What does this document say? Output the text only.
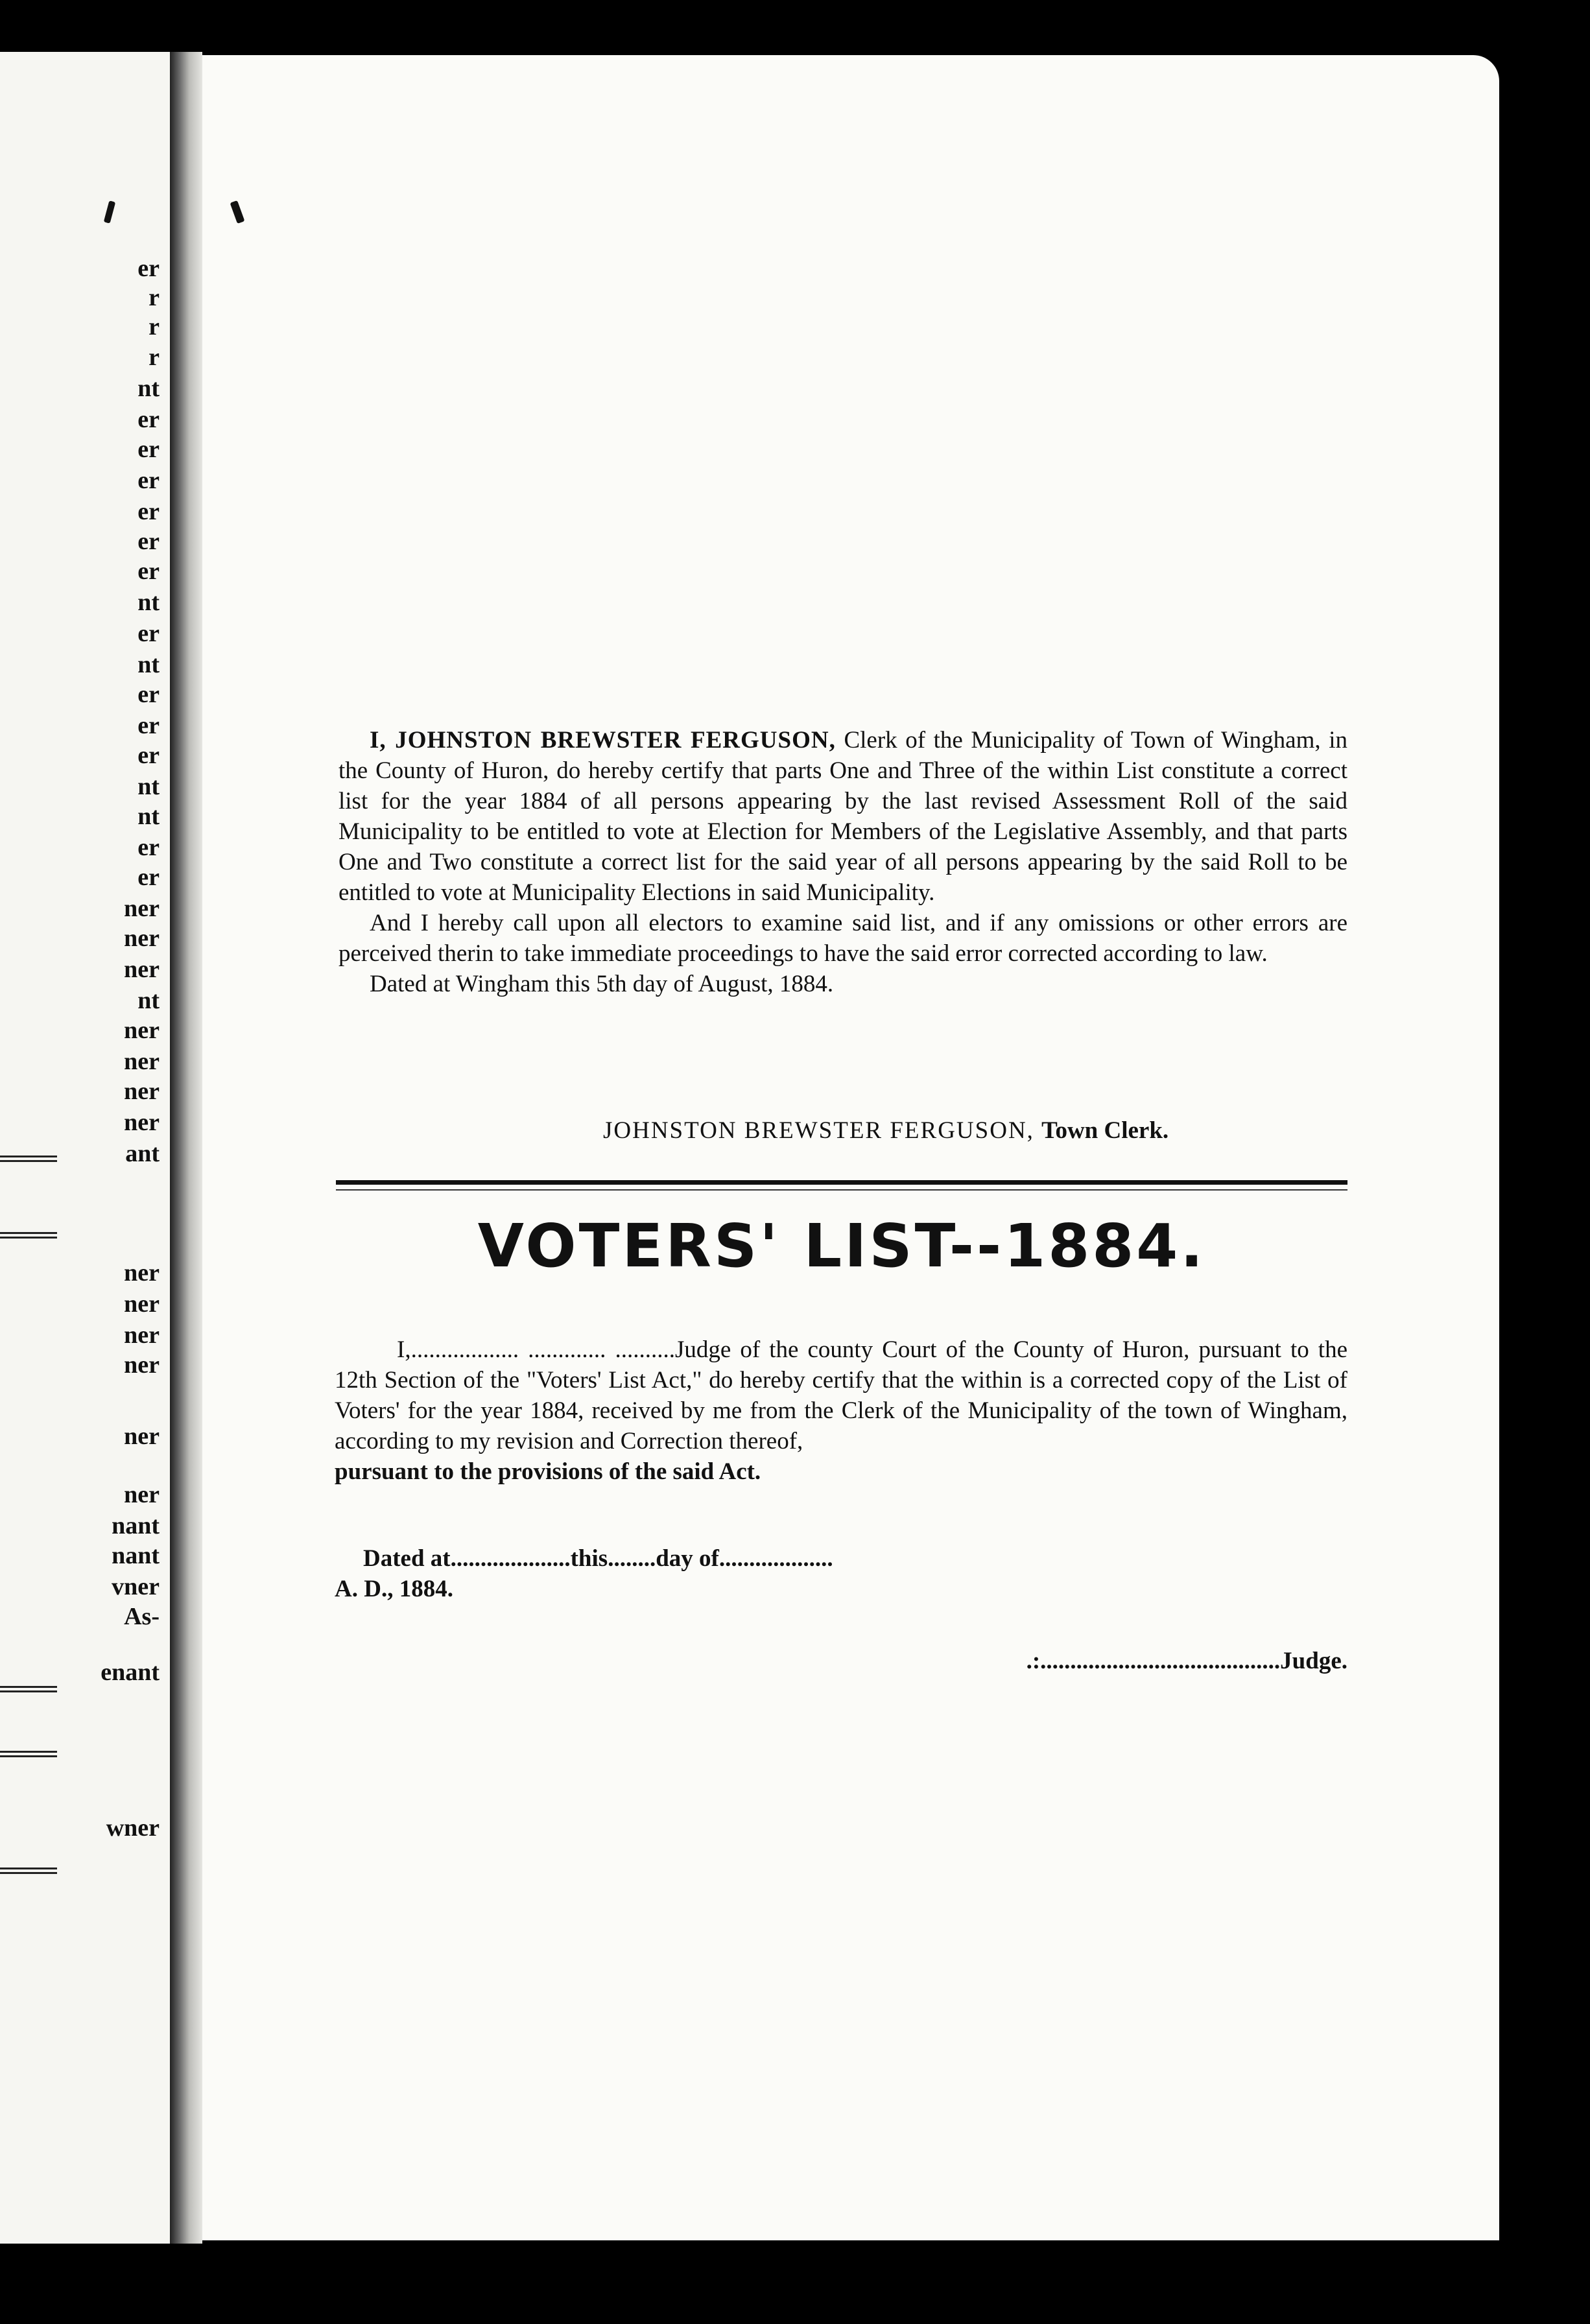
er
r
r
r
nt
er
er
er
er
er
er
nt
er
nt
er
er
er
nt
nt
er
er
ner
ner
ner
nt
ner
ner
ner
ner
ant
ner
ner
ner
ner
ner
ner
nant
nant
vner
As-
enant
wner

I, JOHNSTON BREWSTER FERGUSON, Clerk of the Municipality of Town of Wingham, in the County of Huron, do hereby certify that parts One and Three of the within List constitute a correct list for the year 1884 of all persons appearing by the last revised Assessment Roll of the said Municipality to be entitled to vote at Election for Members of the Legislative Assembly, and that parts One and Two constitute a correct list for the said year of all persons appearing by the said Roll to be entitled to vote at Municipality Elections in said Municipality.

And I hereby call upon all electors to examine said list, and if any omissions or other errors are perceived therin to take immediate proceedings to have the said error corrected according to law.

Dated at Wingham this 5th day of August, 1884.

JOHNSTON BREWSTER FERGUSON, Town Clerk.
VOTERS' LIST--1884.

I,.................. ............. ..........Judge of the county Court of the County of Huron, pursuant to the 12th Section of the "Voters' List Act," do hereby certify that the within is a corrected copy of the List of Voters' for the year 1884, received by me from the Clerk of the Municipality of the town of Wingham, according to my revision and Correction thereof,

pursuant to the provisions of the said Act.

Dated at....................this........day of...................

A. D., 1884.

.:........................................Judge.
